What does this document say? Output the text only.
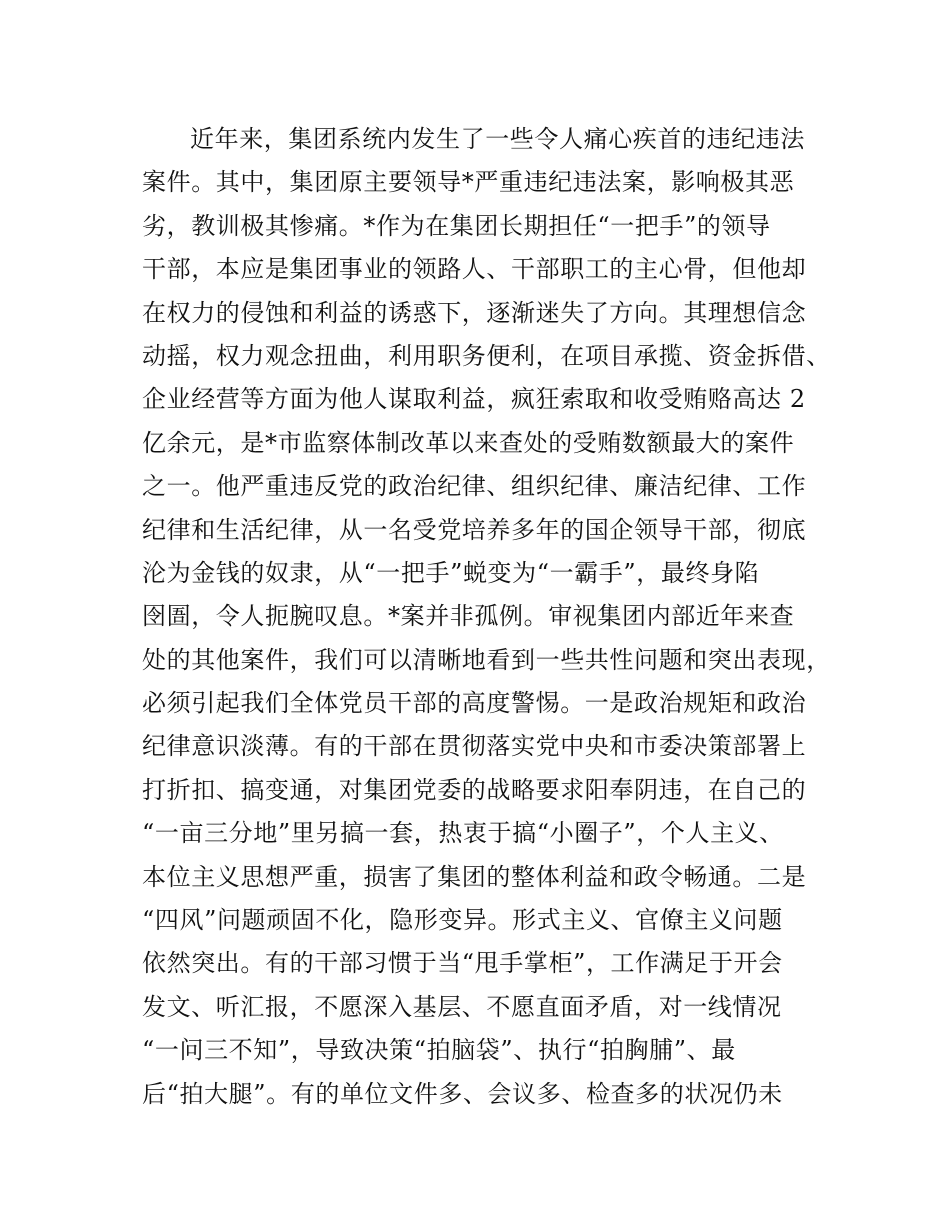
近年来，集团系统内发生了一些令人痛心疾首的违纪违法
案件。其中，集团原主要领导*严重违纪违法案，影响极其恶
劣，教训极其惨痛。*作为在集团长期担任“一把手”的领导
干部，本应是集团事业的领路人、干部职工的主心骨，但他却
在权力的侵蚀和利益的诱惑下，逐渐迷失了方向。其理想信念
动摇，权力观念扭曲，利用职务便利，在项目承揽、资金拆借、
企业经营等方面为他人谋取利益，疯狂索取和收受贿赂高达 2
亿余元，是*市监察体制改革以来查处的受贿数额最大的案件
之一。他严重违反党的政治纪律、组织纪律、廉洁纪律、工作
纪律和生活纪律，从一名受党培养多年的国企领导干部，彻底
沦为金钱的奴隶，从“一把手”蜕变为“一霸手”，最终身陷
囹圄，令人扼腕叹息。*案并非孤例。审视集团内部近年来查
处的其他案件，我们可以清晰地看到一些共性问题和突出表现，
必须引起我们全体党员干部的高度警惕。一是政治规矩和政治
纪律意识淡薄。有的干部在贯彻落实党中央和市委决策部署上
打折扣、搞变通，对集团党委的战略要求阳奉阴违，在自己的
“一亩三分地”里另搞一套，热衷于搞“小圈子”，个人主义、
本位主义思想严重，损害了集团的整体利益和政令畅通。二是
“四风”问题顽固不化，隐形变异。形式主义、官僚主义问题
依然突出。有的干部习惯于当“甩手掌柜”，工作满足于开会
发文、听汇报，不愿深入基层、不愿直面矛盾，对一线情况
“一问三不知”，导致决策“拍脑袋”、执行“拍胸脯”、最
后“拍大腿”。有的单位文件多、会议多、检查多的状况仍未
